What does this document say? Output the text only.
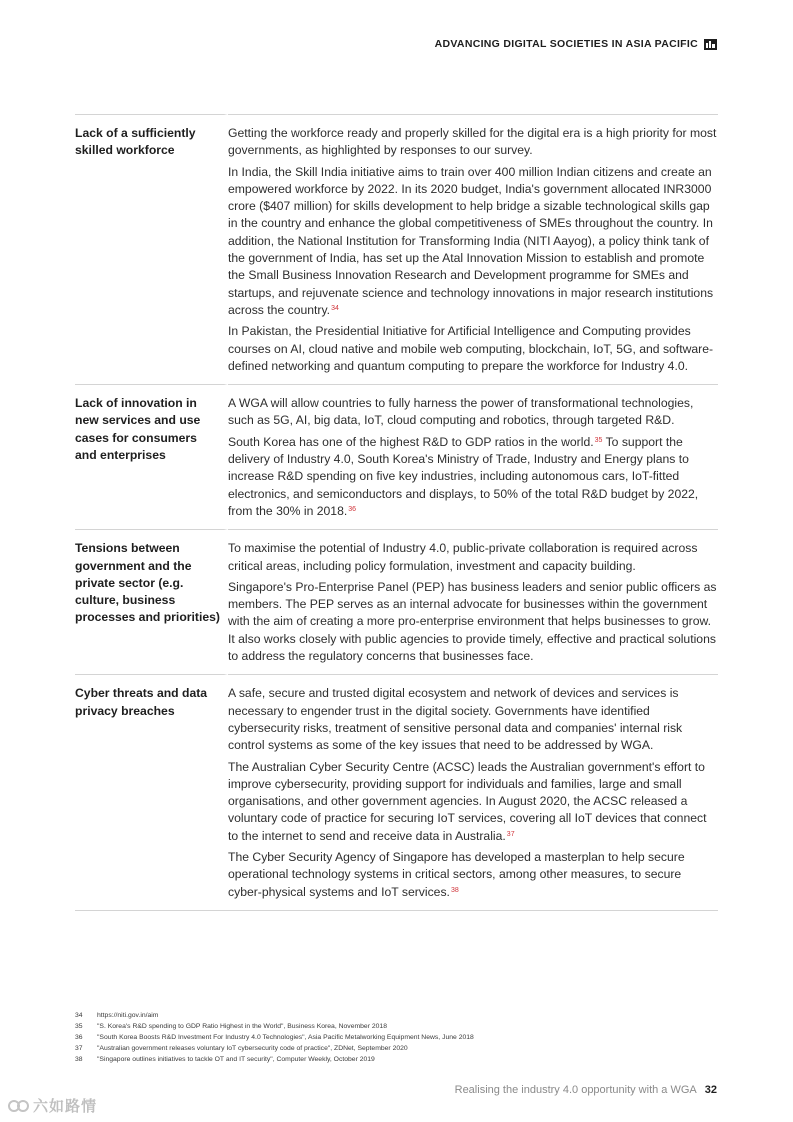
ADVANCING DIGITAL SOCIETIES IN ASIA PACIFIC
Lack of a sufficiently skilled workforce

Getting the workforce ready and properly skilled for the digital era is a high priority for most governments, as highlighted by responses to our survey.

In India, the Skill India initiative aims to train over 400 million Indian citizens and create an empowered workforce by 2022. In its 2020 budget, India's government allocated INR3000 crore ($407 million) for skills development to help bridge a sizable technological skills gap in the country and enhance the global competitiveness of SMEs throughout the country. In addition, the National Institution for Transforming India (NITI Aayog), a policy think tank of the government of India, has set up the Atal Innovation Mission to establish and promote the Small Business Innovation Research and Development programme for SMEs and startups, and rejuvenate science and technology innovations in major research institutions across the country.$^{34}$

In Pakistan, the Presidential Initiative for Artificial Intelligence and Computing provides courses on AI, cloud native and mobile web computing, blockchain, IoT, 5G, and software-defined networking and quantum computing to prepare the workforce for Industry 4.0.

Lack of innovation in new services and use cases for consumers and enterprises

A WGA will allow countries to fully harness the power of transformational technologies, such as 5G, AI, big data, IoT, cloud computing and robotics, through targeted R&D.

South Korea has one of the highest R&D to GDP ratios in the world.$^{35}$ To support the delivery of Industry 4.0, South Korea's Ministry of Trade, Industry and Energy plans to increase R&D spending on five key industries, including autonomous cars, IoT-fitted electronics, and semiconductors and displays, to 50% of the total R&D budget by 2022, from the 30% in 2018.36

Tensions between government and the private sector (e.g. culture, business processes and priorities)

To maximise the potential of Industry 4.0, public-private collaboration is required across critical areas, including policy formulation, investment and capacity building.

Singapore's Pro-Enterprise Panel (PEP) has business leaders and senior public officers as members. The PEP serves as an internal advocate for businesses within the government with the aim of creating a more pro-enterprise environment that helps businesses to grow. It also works closely with public agencies to provide timely, effective and practical solutions to address the regulatory concerns that businesses face.

Cyber threats and data privacy breaches

A safe, secure and trusted digital ecosystem and network of devices and services is necessary to engender trust in the digital society. Governments have identified cybersecurity risks, treatment of sensitive personal data and companies' internal risk control systems as some of the key issues that need to be addressed by WGA.

The Australian Cyber Security Centre (ACSC) leads the Australian government's effort to improve cybersecurity, providing support for individuals and families, large and small organisations, and other government agencies. In August 2020, the ACSC released a voluntary code of practice for securing IoT services, covering all IoT devices that connect to the internet to send and receive data in Australia.$^{37}$

The Cyber Security Agency of Singapore has developed a masterplan to help secure operational technology systems in critical sectors, among other measures, to secure cyber-physical systems and IoT services.$^{38}$

34	https://niti.gov.in/aim
35	"S. Korea's R&D spending to GDP Ratio Highest in the World", Business Korea, November 2018
36	"South Korea Boosts R&D Investment For Industry 4.0 Technologies", Asia Pacific Metalworking Equipment News, June 2018
37	"Australian government releases voluntary IoT cybersecurity code of practice", ZDNet, September 2020
38	"Singapore outlines initiatives to tackle OT and IT security", Computer Weekly, October 2019
Realising the industry 4.0 opportunity with a WGA 32
六如路情
